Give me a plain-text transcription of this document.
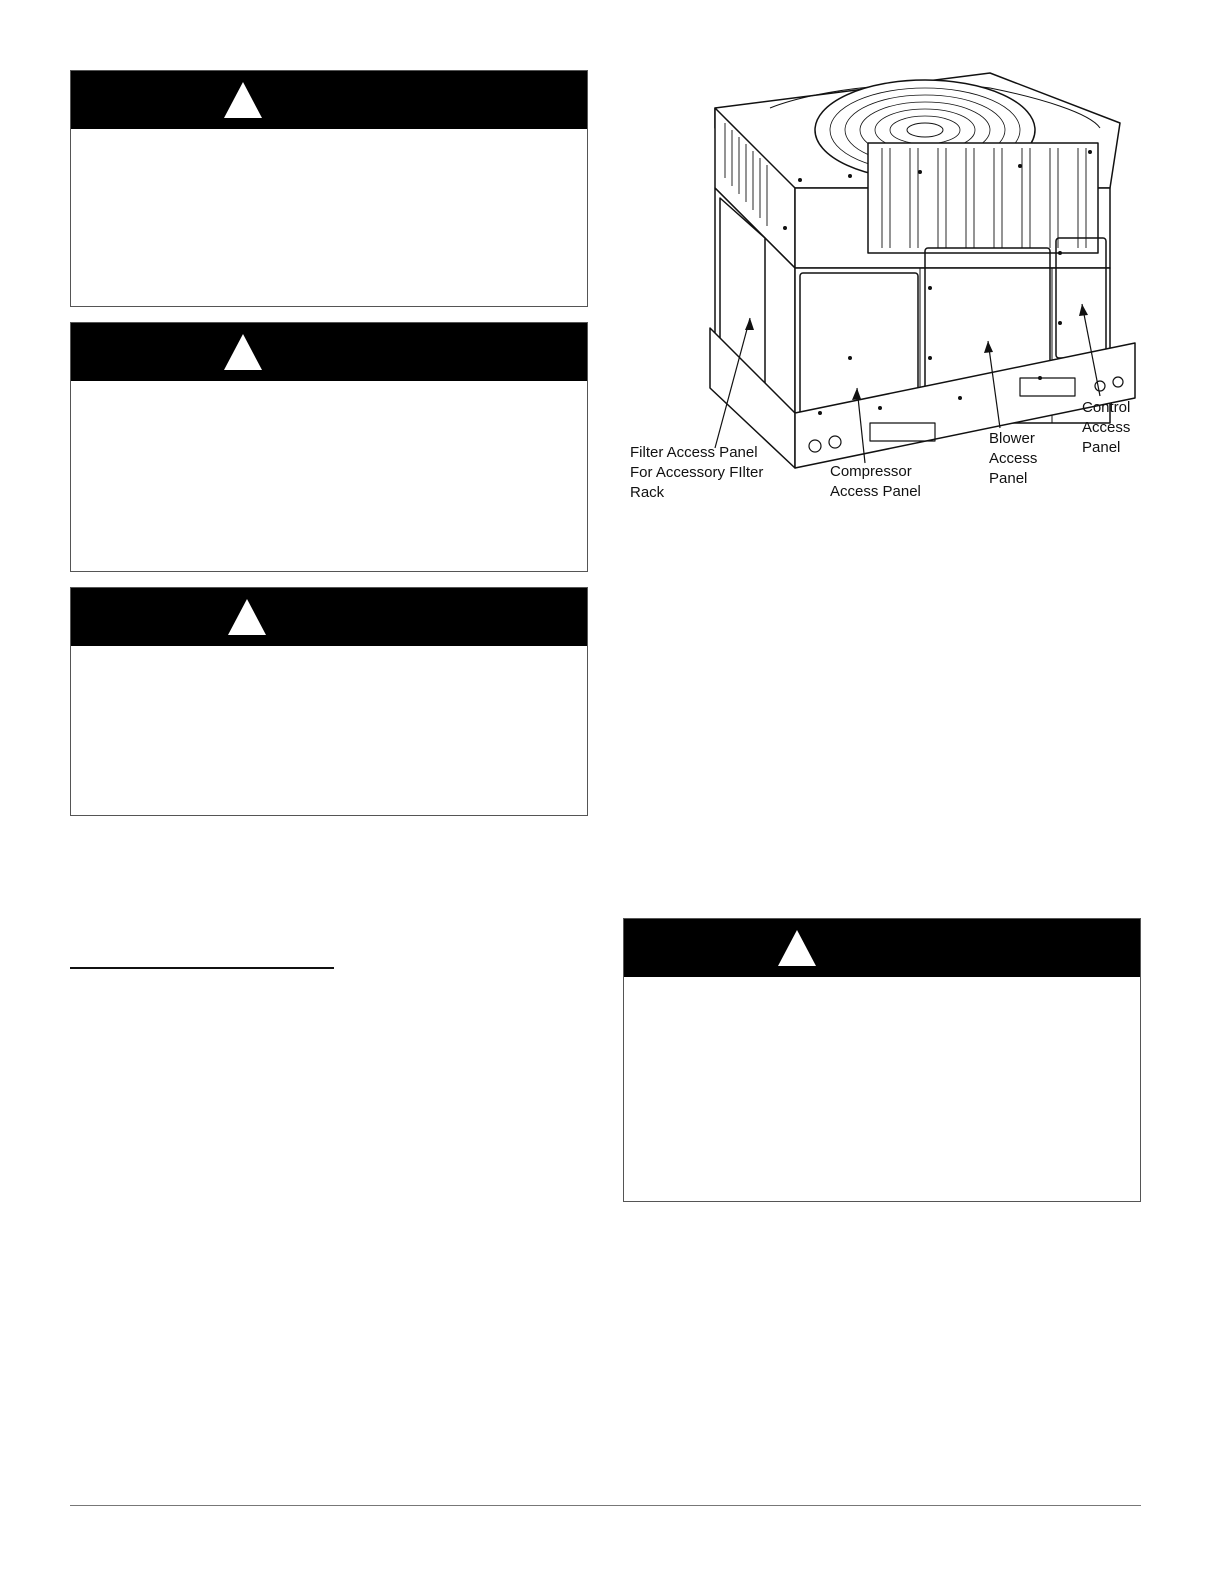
Filter Access Panel
For Accessory FIlter
Rack
Compressor
Access Panel
Blower
Access
Panel
Control
Access
Panel
